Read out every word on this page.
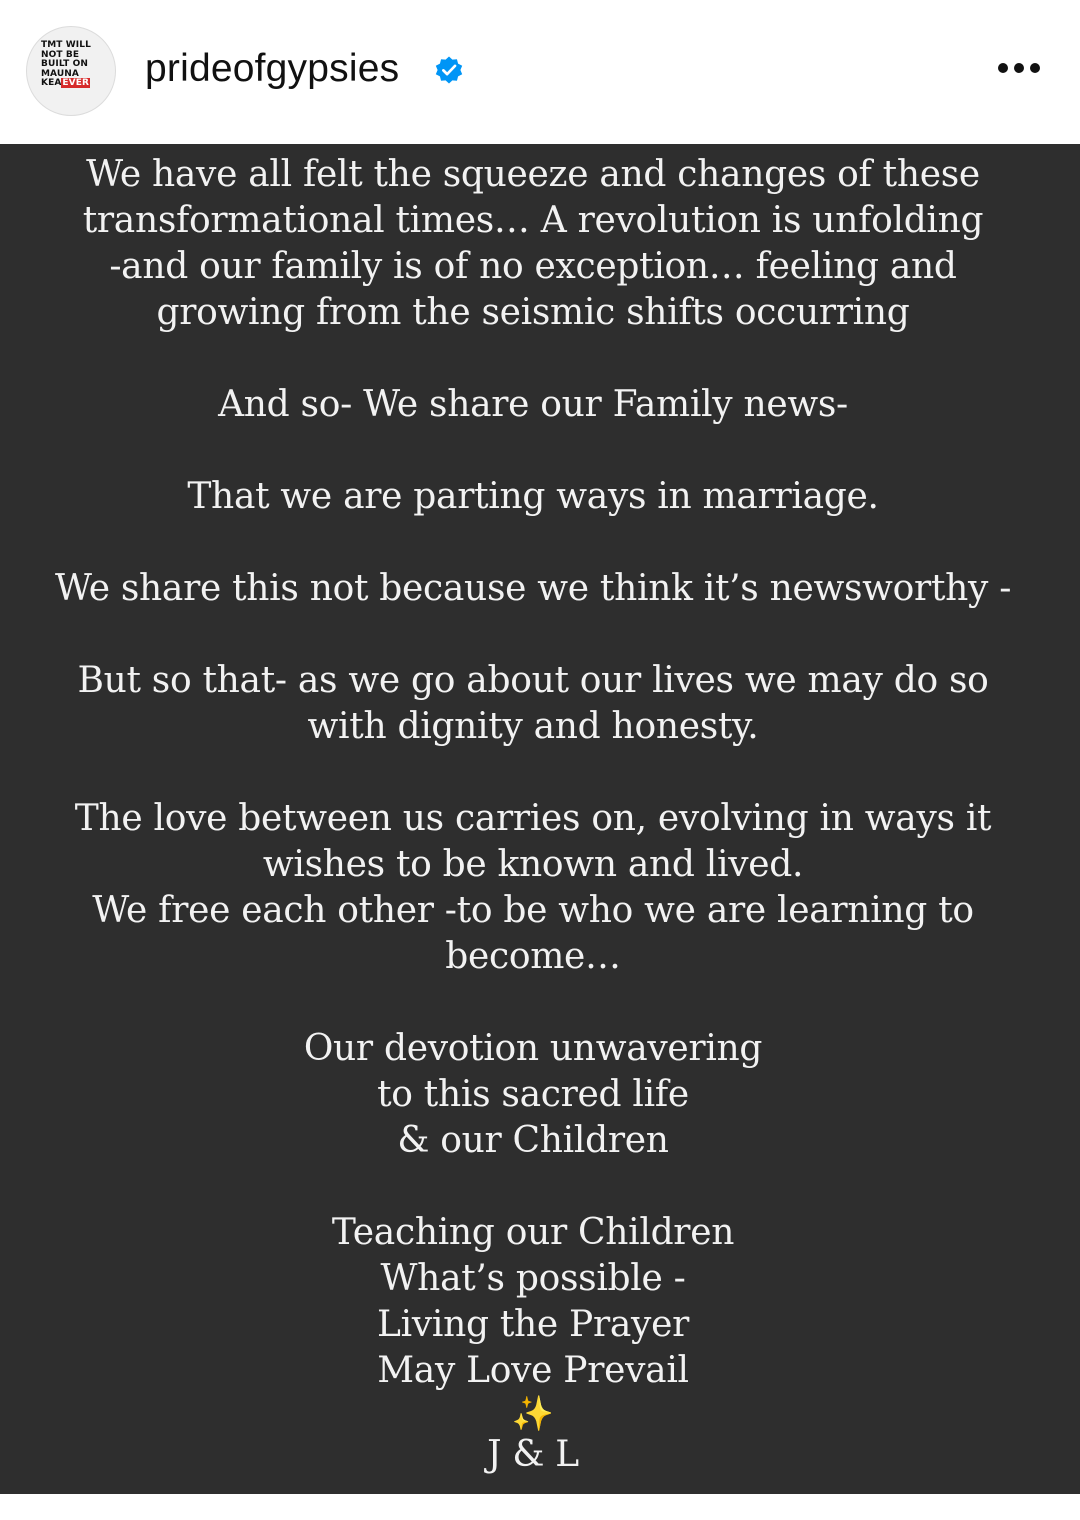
TMT WILL
NOT BE
BUILT ON
MAUNA
KEAEVER	prideofgypsies
We have all felt the squeeze and changes of these
transformational times… A revolution is unfolding
-and our family is of no exception… feeling and
growing from the seismic shifts occurring
And so- We share our Family news-
That we are parting ways in marriage.
We share this not because we think it’s newsworthy -
But so that- as we go about our lives we may do so
with dignity and honesty.
The love between us carries on, evolving in ways it
wishes to be known and lived.
We free each other -to be who we are learning to
become…
Our devotion unwavering
to this sacred life
& our Children
Teaching our Children
What’s possible -
Living the Prayer
May Love Prevail
✨
J & L
